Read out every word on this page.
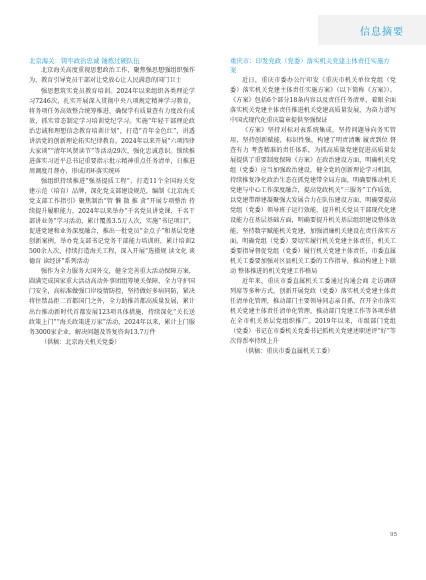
信息摘要

北京海关：铸牢政治忠诚 锤炼过硬队伍

北京海关高度重视思想政治工作，聚焦强思想强组织强作为，教育引导党员干部对让党放心让人民满意的国门卫士

强思想筑实党员教育培训。2024年以来组织各类理论学习7246次，扎实开展深入贯彻中央八项规定精神学习教育，将务项任务高效整合统筹推进，确保学有质量查有力度改有成效，抓实常态制定学习培训党纪学习。实施“年轻干部理论政治忠诚和理想信念教育培训计划”，打造“青年金色红”，讲透讲活党的创新理论拓实纪律教育。2024年以来开展“六项四律大家谈”“清年风贤读节”等活动29次，强化忠诚意识。锁续推进落实习近平总书记重要指示批示精神重点任务清单，日推进周调度月督办，形成闭环落实统环

强组织持续推进“强基提质工程”，打造11个全国海关党建示范（培育）品牌，深化党支部建设规范，编制《北京海关党支部工作指引》聚焦制治“管 懒 散 推 贪”开展专项整治 持续提升履职能力，2024年以来举办“千名党员讲党课、千名干部讲业务”学习活动，累计覆盖3.5万人次，实施“书记项目”，促进党建和业务深度融合，推出一批党员“金点子”和基层党建创新案例，举办党支部书记党务干部能力培训班，累计培训2500余人次，持续打造海关工程，深入开展“选摄规 读文化 谈德育 读经济”系列活动

强作为全力服务大国外交，健全完善重大活动保障方案，圆满完成国家重大活动高动外事团组筹境关保障，全力守护国门安全，高标准做强口岸疫情防控，坚持做好多病同防，紧决将往禁品拒二首都国门之外，全力助推首都高质量发展，累计出台推动新时代首都发展123项具体措施，持续深化“关长送政策上门”“海关政策进万家”活动，2024年以来，累计上门服务3000家企业，解决问题及答复咨询13.7万件

（供稿：北京海关机关党委）

重庆市：印发党政（党委）落实机关党建主体责任实施方案

近日，重庆市委办公厅印发《重庆市机关单位党组（党委）落实机关党建主体责任实施方案》（以下简称《方案》）。《方案》包括6个部分18条内容以及责任任务清单，着眼全面落实机关党建主体责任推进机关党建高质量发展，为奋力谱写中国式现代化重庆篇章提供坚强保证

《方案》坚持对标对表系统集成，坚持问题导向务实管用，坚持创新赋能，标识性强，构建了明责清晰 履责到位 督查有力 考查精准的责任体系，为抓高质量党建促进高质量发展提供了重要制度保障《方案》在政治建设方面，明确机关党组（党委）应当加强政治建设，健全党的创新理论学习机制，持续推复净化政治生态在抓党建带全局方面，明确要推动机关党建与中心工作深度融合，提高党政机关“三服务”工作质效，以党建带群建凝聚强大发展合力在队伍建设方面，明确要提高党组（党委）领导班子运行效能，提升机关党员干部现代化建设能力在基层基础方面，明确要提升机关基层组织建设整体效能，坚持数字赋能机关党建，加强清廉机关建设在责任落实方面，明确党组（党委）要切实履行机关党建主体责任，机关工委要指导督促党组（党委）履行机关党建主体责任，市委直属机关工委要加强对区县机关工委的工作指导，推动构建上下联动 整体推进的机关党建工作格局

近年来，重庆市委直属机关工委通过沟通会商 走访调研 列席等多种方式，创新开展党政（党委）落实机关党建主体责任清单化管理，推动部门主要领导同志亲自抓、召开全市落实机关党建主体责任清单化管理，推动部门党建工作等各项举措在全市机关基层党组织推广。2019年以来，市级部门党组（党委）书记在市委机关党委书记抓机关党建述职述评“好”等次得票率持续上升

（供稿：重庆市委直属机关工委）

95
